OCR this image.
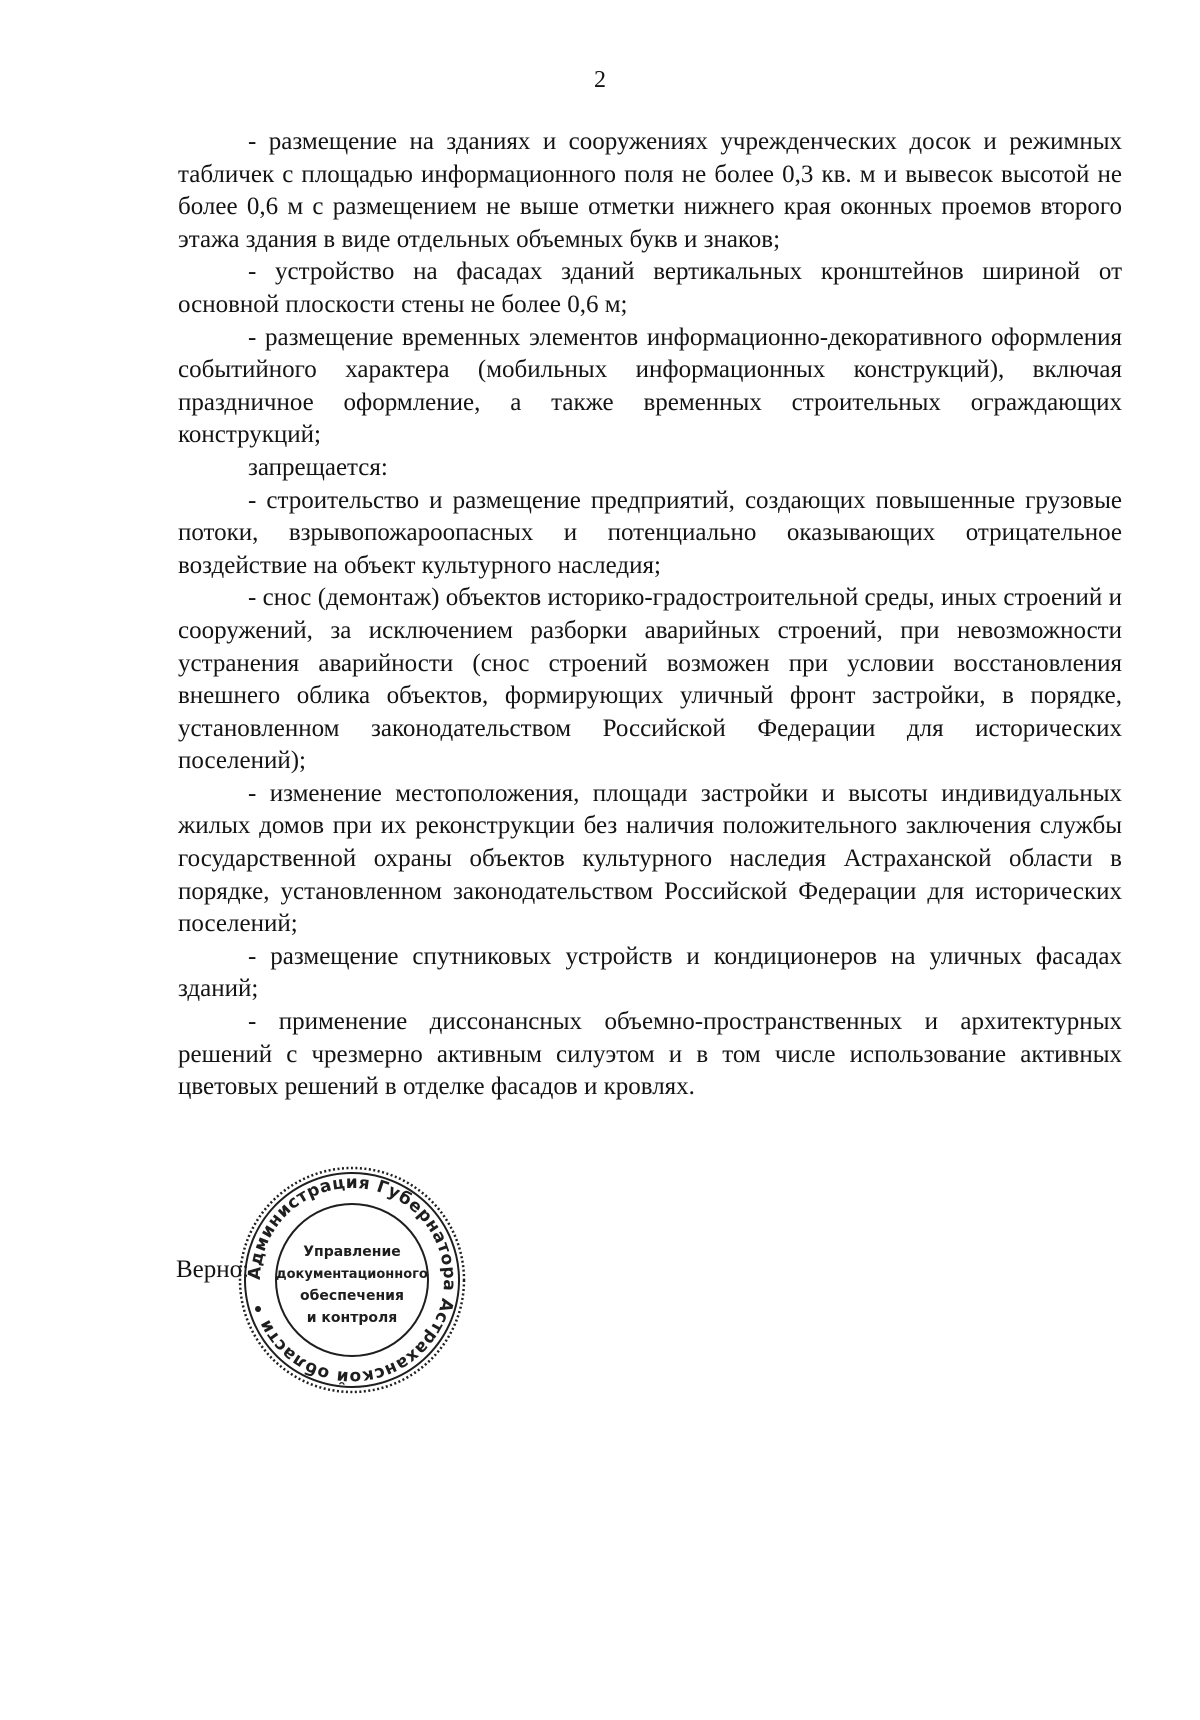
2

- размещение на зданиях и сооружениях учрежденческих досок и режимных табличек с площадью информационного поля не более 0,3 кв. м и вывесок высотой не более 0,6 м с размещением не выше отметки нижнего края оконных проемов второго этажа здания в виде отдельных объемных букв и знаков;

- устройство на фасадах зданий вертикальных кронштейнов шириной от основной плоскости стены не более 0,6 м;

- размещение временных элементов информационно-декоративного оформления событийного характера (мобильных информационных конструкций), включая праздничное оформление, а также временных строительных ограждающих конструкций;

запрещается:

- строительство и размещение предприятий, создающих повышенные грузовые потоки, взрывопожароопасных и потенциально оказывающих отрицательное воздействие на объект культурного наследия;

- снос (демонтаж) объектов историко-градостроительной среды, иных строений и сооружений, за исключением разборки аварийных строений, при невозможности устранения аварийности (снос строений возможен при условии восстановления внешнего облика объектов, формирующих уличный фронт застройки, в порядке, установленном законодательством Российской Федерации для исторических поселений);

- изменение местоположения, площади застройки и высоты индивидуальных жилых домов при их реконструкции без наличия положительного заключения службы государственной охраны объектов культурного наследия Астраханской области в порядке, установленном законодательством Российской Федерации для исторических поселений;

- размещение спутниковых устройств и кондиционеров на уличных фасадах зданий;

- применение диссонансных объемно-пространственных и архитектурных решений с чрезмерно активным силуэтом и в том числе использование активных цветовых решений в отделке фасадов и кровлях.

Верно:
Администрация Губернатора Астраханской области •
Управление
документационного
обеспечения
и контроля
